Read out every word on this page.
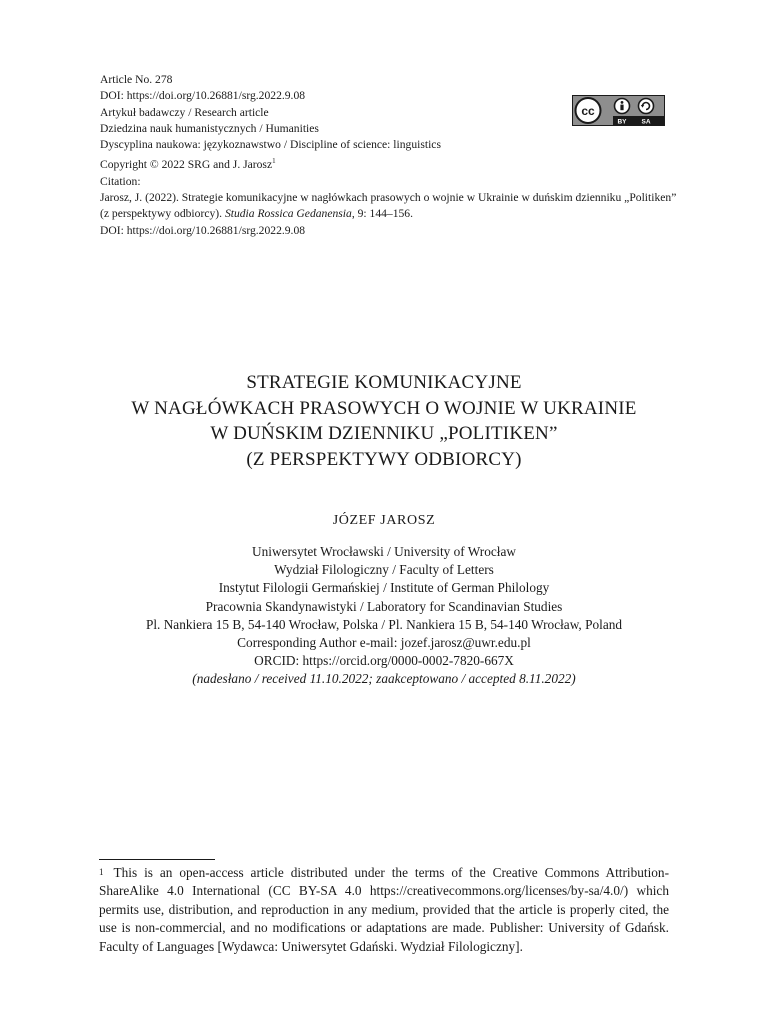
Article No. 278
DOI: https://doi.org/10.26881/srg.2022.9.08
Artykuł badawczy / Research article
Dziedzina nauk humanistycznych / Humanities
Dyscyplina naukowa: językoznawstwo / Discipline of science: linguistics
Copyright © 2022 SRG and J. Jarosz$^1$
Citation:
Jarosz, J. (2022). Strategie komunikacyjne w nagłówkach prasowych o wojnie w Ukrainie w duńskim dzienniku „Politiken” (z perspektywy odbiorcy). Studia Rossica Gedanensia, 9: 144–156.
DOI: https://doi.org/10.26881/srg.2022.9.08
cc
BY SA
STRATEGIE KOMUNIKACYJNE
W NAGŁÓWKACH PRASOWYCH O WOJNIE W UKRAINIE
W DUŃSKIM DZIENNIKU „POLITIKEN”
(Z PERSPEKTYWY ODBIORCY)
JÓZEF JAROSZ
Uniwersytet Wrocławski / University of Wrocław
Wydział Filologiczny / Faculty of Letters
Instytut Filologii Germańskiej / Institute of German Philology
Pracownia Skandynawistyki / Laboratory for Scandinavian Studies
Pl. Nankiera 15 B, 54-140 Wrocław, Polska / Pl. Nankiera 15 B, 54-140 Wrocław, Poland
Corresponding Author e-mail: jozef.jarosz@uwr.edu.pl
ORCID: https://orcid.org/0000-0002-7820-667X
(nadesłano / received 11.10.2022; zaakceptowano / accepted 8.11.2022)
$^1$ This is an open-access article distributed under the terms of the Creative Commons Attribution-ShareAlike 4.0 International (CC BY-SA 4.0 https://creativecommons.org/licenses/by-sa/4.0/) which permits use, distribution, and reproduction in any medium, provided that the article is properly cited, the use is non-commercial, and no modifications or adaptations are made. Publisher: University of Gdańsk. Faculty of Languages [Wydawca: Uniwersytet Gdański. Wydział Filologiczny].
